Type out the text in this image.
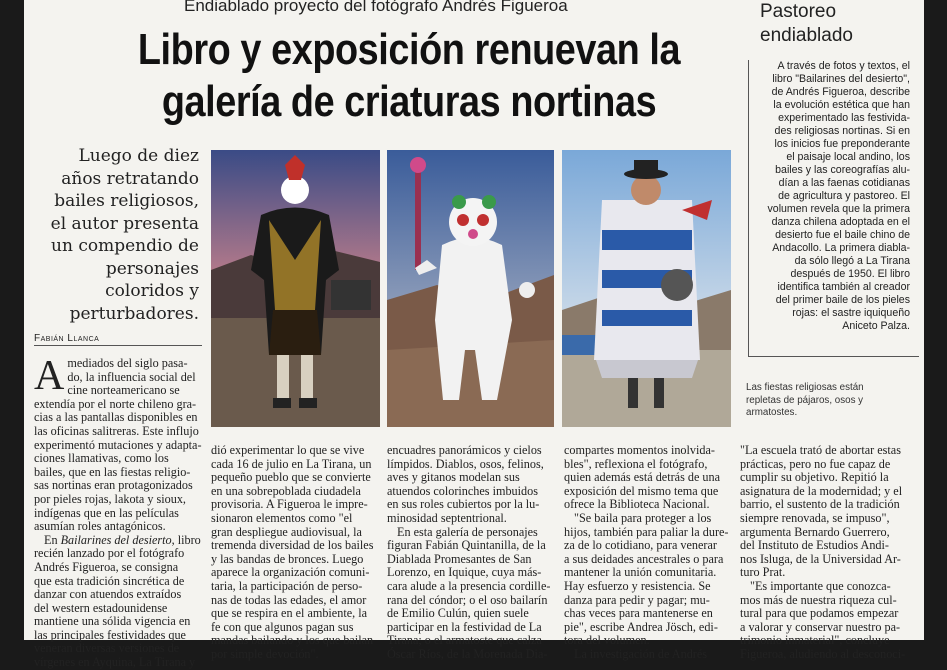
Endiablado proyecto del fotógrafo Andrés Figueroa
Libro y exposición renuevan la galería de criaturas nortinas
Luego de diez años retratando bailes religiosos, el autor presenta un compendio de personajes coloridos y perturbadores.
Fabián Llanca
Pastoreo
endiablado
A través de fotos y textos, el
libro "Bailarines del desierto",
de Andrés Figueroa, describe
la evolución estética que han
experimentado las festivida-
des religiosas nortinas. Si en
los inicios fue preponderante
el paisaje local andino, los
bailes y las coreografías alu-
dían a las faenas cotidianas
de agricultura y pastoreo. El
volumen revela que la primera
danza chilena adoptada en el
desierto fue el baile chino de
Andacollo. La primera diabla-
da sólo llegó a La Tirana
después de 1950. El libro
identifica también al creador
del primer baile de los pieles
rojas: el sastre iquiqueño
Aniceto Palza.
Las fiestas religiosas están
repletas de pájaros, osos y
armatostes.

Amediados del siglo pasa-
do, la influencia social del
cine norteamericano se
extendía por el norte chileno gra-
cias a las pantallas disponibles en
las oficinas salitreras. Este influjo
experimentó mutaciones y adapta-
ciones llamativas, como los
bailes, que en las fiestas religio-
sas nortinas eran protagonizados
por pieles rojas, lakota y sioux,
indígenas que en las películas
asumían roles antagónicos.

En Bailarines del desierto, libro
recién lanzado por el fotógrafo
Andrés Figueroa, se consigna
que esta tradición sincrética de
danzar con atuendos extraídos
del western estadounidense
mantiene una sólida vigencia en
las principales festividades que
veneran diversas versiones de
vírgenes en Ayquina, La Tirana y

dió experimentar lo que se vive
cada 16 de julio en La Tirana, un
pequeño pueblo que se convierte
en una sobrepoblada ciudadela
provisoria. A Figueroa le impre-
sionaron elementos como "el
gran despliegue audiovisual, la
tremenda diversidad de los bailes
y las bandas de bronces. Luego
aparece la organización comuni-
taria, la participación de perso-
nas de todas las edades, el amor
que se respira en el ambiente, la
fe con que algunos pagan sus
mandas bailando y los que bailan
por simple devoción".

encuadres panorámicos y cielos
límpidos. Diablos, osos, felinos,
aves y gitanos modelan sus
atuendos colorinches imbuidos
en sus roles cubiertos por la lu-
minosidad septentrional.

En esta galería de personajes
figuran Fabián Quintanilla, de la
Diablada Promesantes de San
Lorenzo, en Iquique, cuya más-
cara alude a la presencia cordille-
rana del cóndor; o el oso bailarín
de Emilio Culún, quien suele
participar en la festividad de La
Tirana; o el armatoste que calza
Óscar Ríos, de la Morenada Dia-

compartes momentos inolvida-
bles", reflexiona el fotógrafo,
quien además está detrás de una
exposición del mismo tema que
ofrece la Biblioteca Nacional.

"Se baila para proteger a los
hijos, también para paliar la dure-
za de lo cotidiano, para venerar
a sus deidades ancestrales o para
mantener la unión comunitaria.
Hay esfuerzo y resistencia. Se
danza para pedir y pagar; mu-
chas veces para mantenerse en
pie", escribe Andrea Jösch, edi-
tora del volumen.

La investigación de Andrés

"La escuela trató de abortar estas
prácticas, pero no fue capaz de
cumplir su objetivo. Repitió la
asignatura de la modernidad; y el
barrio, el sustento de la tradición
siempre renovada, se impuso",
argumenta Bernardo Guerrero,
del Instituto de Estudios Andi-
nos Isluga, de la Universidad Ar-
turo Prat.

"Es importante que conozca-
mos más de nuestra riqueza cul-
tural para que podamos empezar
a valorar y conservar nuestro pa-
trimonio inmaterial", concluye
Figueroa, aludiendo al desconoci-
